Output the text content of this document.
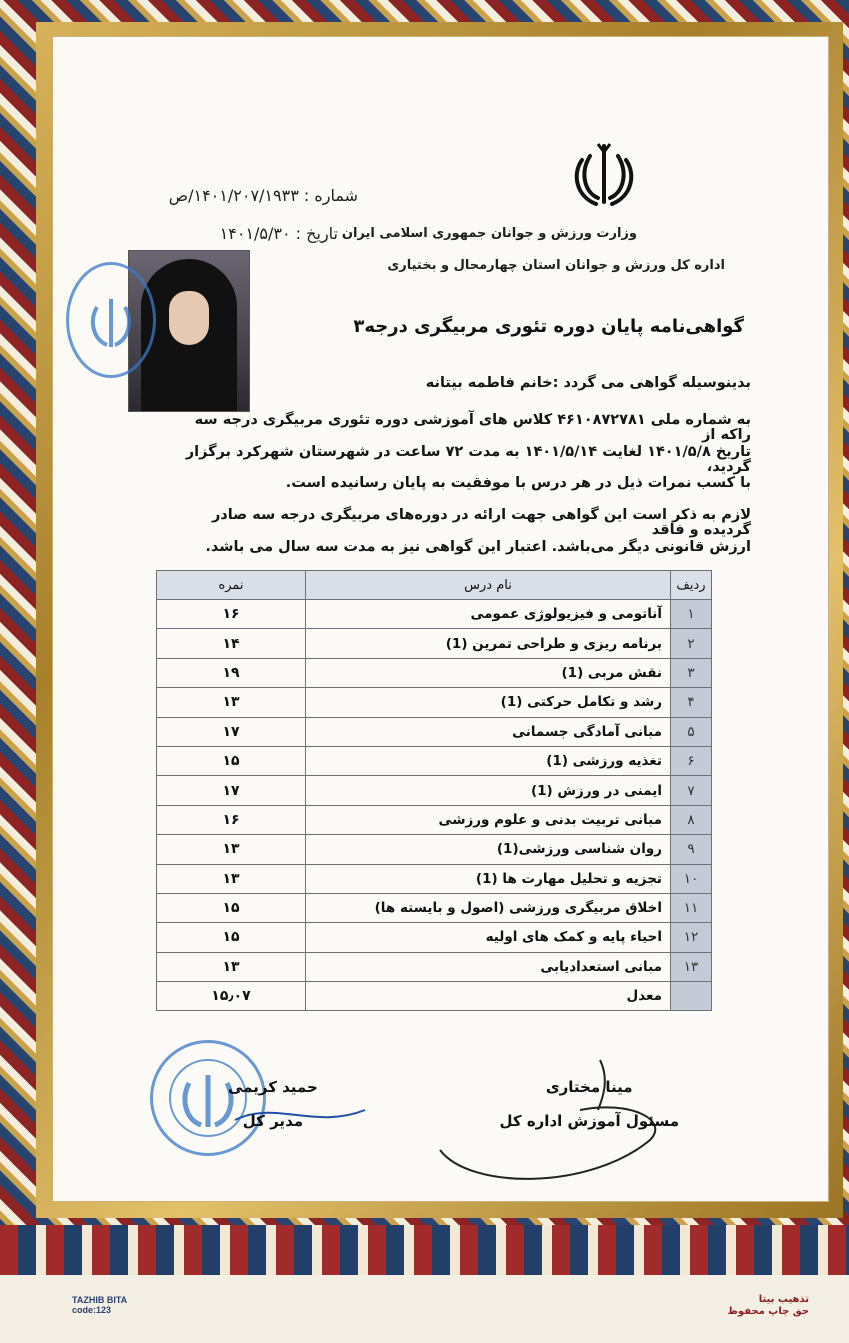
TAZHIB BITA
code:123
تذهیب بیتا
حق چاپ محفوظ
وزارت ورزش و جوانان جمهوری اسلامی ایران
اداره کل ورزش و جوانان استان چهارمحال و بختیاری
شماره : ۱۴۰۱/۲۰۷/۱۹۳۳/ص
تاریخ : ۱۴۰۱/۵/۳۰
گواهی‌نامه پایان دوره تئوری مربیگری درجه۳
بدینوسیله گواهی می گردد :خانم فاطمه بیتانه
به شماره ملی ۴۶۱۰۸۷۲۷۸۱ کلاس های آموزشی دوره تئوری مربیگری درجه سه راکه از
تاریخ ۱۴۰۱/۵/۸ لغایت ۱۴۰۱/۵/۱۴ به مدت ۷۲ ساعت در شهرستان شهرکرد برگزار گردید،
با کسب نمرات ذیل در هر درس با موفقیت به پایان رسانیده است.
لازم به ذکر است این گواهی جهت ارائه در دوره‌های مربیگری درجه سه صادر گردیده و فاقد
ارزش قانونی دیگر می‌باشد. اعتبار این گواهی نیز به مدت سه سال می باشد.
ردیف	نام درس	نمره
۱	آناتومی و فیزیولوژی عمومی	۱۶
۲	برنامه ریزی و طراحی تمرین (1)	۱۴
۳	نقش مربی (1)	۱۹
۴	رشد و تکامل حرکتی (1)	۱۳
۵	مبانی آمادگی جسمانی	۱۷
۶	تغذیه ورزشی (1)	۱۵
۷	ایمنی در ورزش (1)	۱۷
۸	مبانی تربیت بدنی و علوم ورزشی	۱۶
۹	روان شناسی ورزشی(1)	۱۳
۱۰	تجزیه و تحلیل مهارت ها (1)	۱۳
۱۱	اخلاق مربیگری ورزشی (اصول و بایسته ها)	۱۵
۱۲	احیاء پایه و کمک های اولیه	۱۵
۱۳	مبانی استعدادیابی	۱۳
	معدل	۱۵٫۰۷
مینا مختاری
مسئول آموزش اداره کل
حمید کریمی
مدیر کل
